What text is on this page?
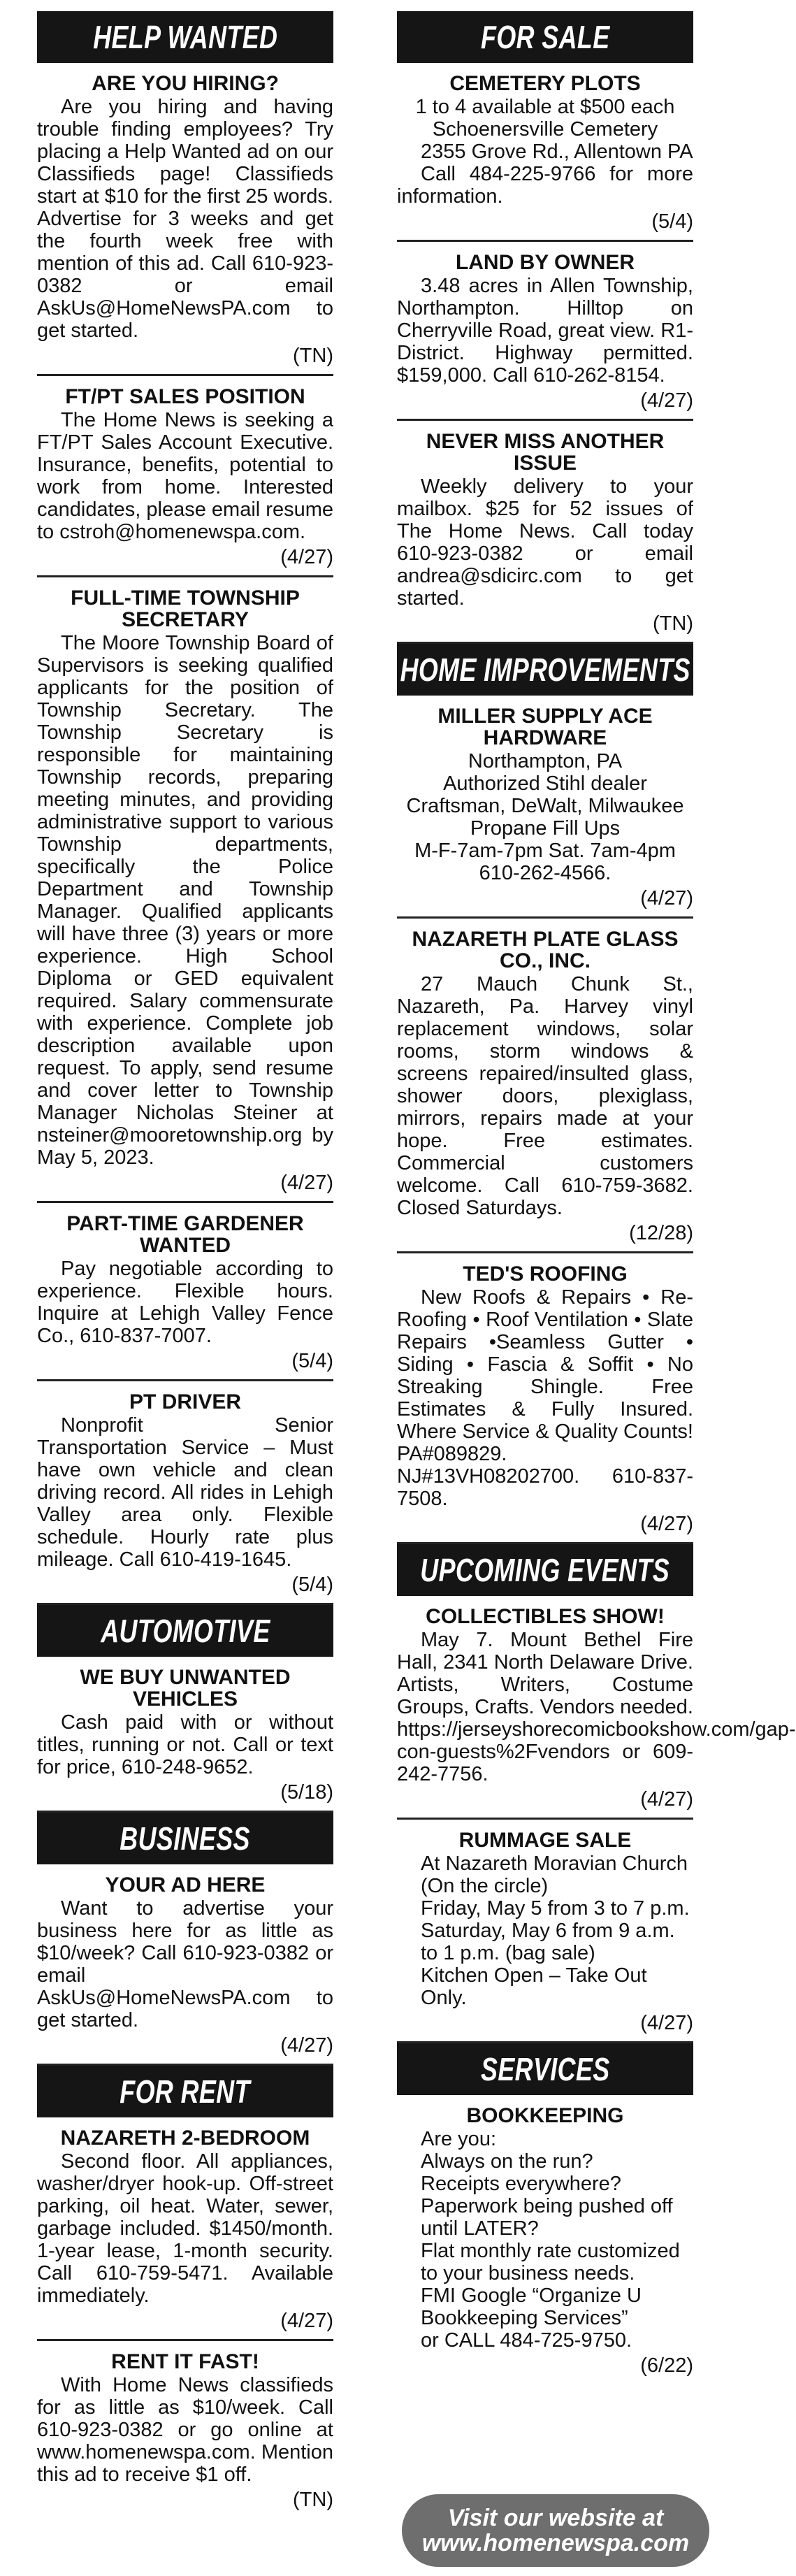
HELP WANTED
ARE YOU HIRING?

Are you hiring and having trouble finding employees? Try placing a Help Wanted ad on our Classifieds page! Classifieds start at $10 for the first 25 words. Advertise for 3 weeks and get the fourth week free with mention of this ad. Call 610-923-0382 or email AskUs@HomeNewsPA.com to get started.

(TN)
FT/PT SALES POSITION

The Home News is seeking a FT/PT Sales Account Executive. Insurance, benefits, potential to work from home. Interested candidates, please email resume to cstroh@homenewspa.com.

(4/27)
FULL-TIME TOWNSHIP SECRETARY

The Moore Township Board of Supervisors is seeking qualified applicants for the position of Township Secretary. The Township Secretary is responsible for maintaining Township records, preparing meeting minutes, and providing administrative support to various Township departments, specifically the Police Department and Township Manager. Qualified applicants will have three (3) years or more experience. High School Diploma or GED equivalent required. Salary commensurate with experience. Complete job description available upon request. To apply, send resume and cover letter to Township Manager Nicholas Steiner at nsteiner@mooretownship.org by May 5, 2023.

(4/27)
PART-TIME GARDENER WANTED

Pay negotiable according to experience. Flexible hours. Inquire at Lehigh Valley Fence Co., 610-837-7007.

(5/4)
PT DRIVER

Nonprofit Senior Transportation Service – Must have own vehicle and clean driving record. All rides in Lehigh Valley area only. Flexible schedule. Hourly rate plus mileage. Call 610-419-1645.

(5/4)
AUTOMOTIVE
WE BUY UNWANTED VEHICLES

Cash paid with or without titles, running or not. Call or text for price, 610-248-9652.

(5/18)
BUSINESS
YOUR AD HERE

Want to advertise your business here for as little as $10/week? Call 610-923-0382 or email AskUs@HomeNewsPA.com to get started.

(4/27)
FOR RENT
NAZARETH 2-BEDROOM

Second floor. All appliances, washer/dryer hook-up. Off-street parking, oil heat. Water, sewer, garbage included. $1450/month. 1-year lease, 1-month security. Call 610-759-5471. Available immediately.

(4/27)
RENT IT FAST!

With Home News classifieds for as little as $10/week. Call 610-923-0382 or go online at www.homenewspa.com. Mention this ad to receive $1 off.

(TN)
FOR SALE
CEMETERY PLOTS
1 to 4 available at $500 each
Schoenersville Cemetery
2355 Grove Rd., Allentown PA

Call 484-225-9766 for more information.

(5/4)
LAND BY OWNER

3.48 acres in Allen Township, Northampton. Hilltop on Cherryville Road, great view. R1-District. Highway permitted. $159,000. Call 610-262-8154.

(4/27)
NEVER MISS ANOTHER ISSUE

Weekly delivery to your mailbox. $25 for 52 issues of The Home News. Call today 610-923-0382 or email andrea@sdicirc.com to get started.

(TN)
HOME IMPROVEMENTS
MILLER SUPPLY ACE HARDWARE
Northampton, PA
Authorized Stihl dealer
Craftsman, DeWalt, Milwaukee
Propane Fill Ups
M-F-7am-7pm Sat. 7am-4pm
610-262-4566.
(4/27)
NAZARETH PLATE GLASS CO., INC.

27 Mauch Chunk St., Nazareth, Pa. Harvey vinyl replacement windows, solar rooms, storm windows & screens repaired/insulted glass, shower doors, plexiglass, mirrors, repairs made at your hope. Free estimates. Commercial customers welcome. Call 610-759-3682. Closed Saturdays.

(12/28)
TED'S ROOFING

New Roofs & Repairs • Re-Roofing • Roof Ventilation • Slate Repairs •Seamless Gutter • Siding • Fascia & Soffit • No Streaking Shingle. Free Estimates & Fully Insured. Where Service & Quality Counts! PA#089829. NJ#13VH08202700. 610-837-7508.

(4/27)
UPCOMING EVENTS
COLLECTIBLES SHOW!

May 7. Mount Bethel Fire Hall, 2341 North Delaware Drive. Artists, Writers, Costume Groups, Crafts. Vendors needed. https://jerseyshorecomicbookshow.com/gap-con-guests%2Fvendors or 609-242-7756.

(4/27)
RUMMAGE SALE
At Nazareth Moravian Church (On the circle)
Friday, May 5 from 3 to 7 p.m.
Saturday, May 6 from 9 a.m. to 1 p.m. (bag sale)
Kitchen Open – Take Out Only.
(4/27)
SERVICES
BOOKKEEPING
Are you:
Always on the run?
Receipts everywhere?
Paperwork being pushed off until LATER?
Flat monthly rate customized to your business needs.
FMI Google “Organize U Bookkeeping Services”
or CALL 484-725-9750.
(6/22)
Visit our website at
www.homenewspa.com
